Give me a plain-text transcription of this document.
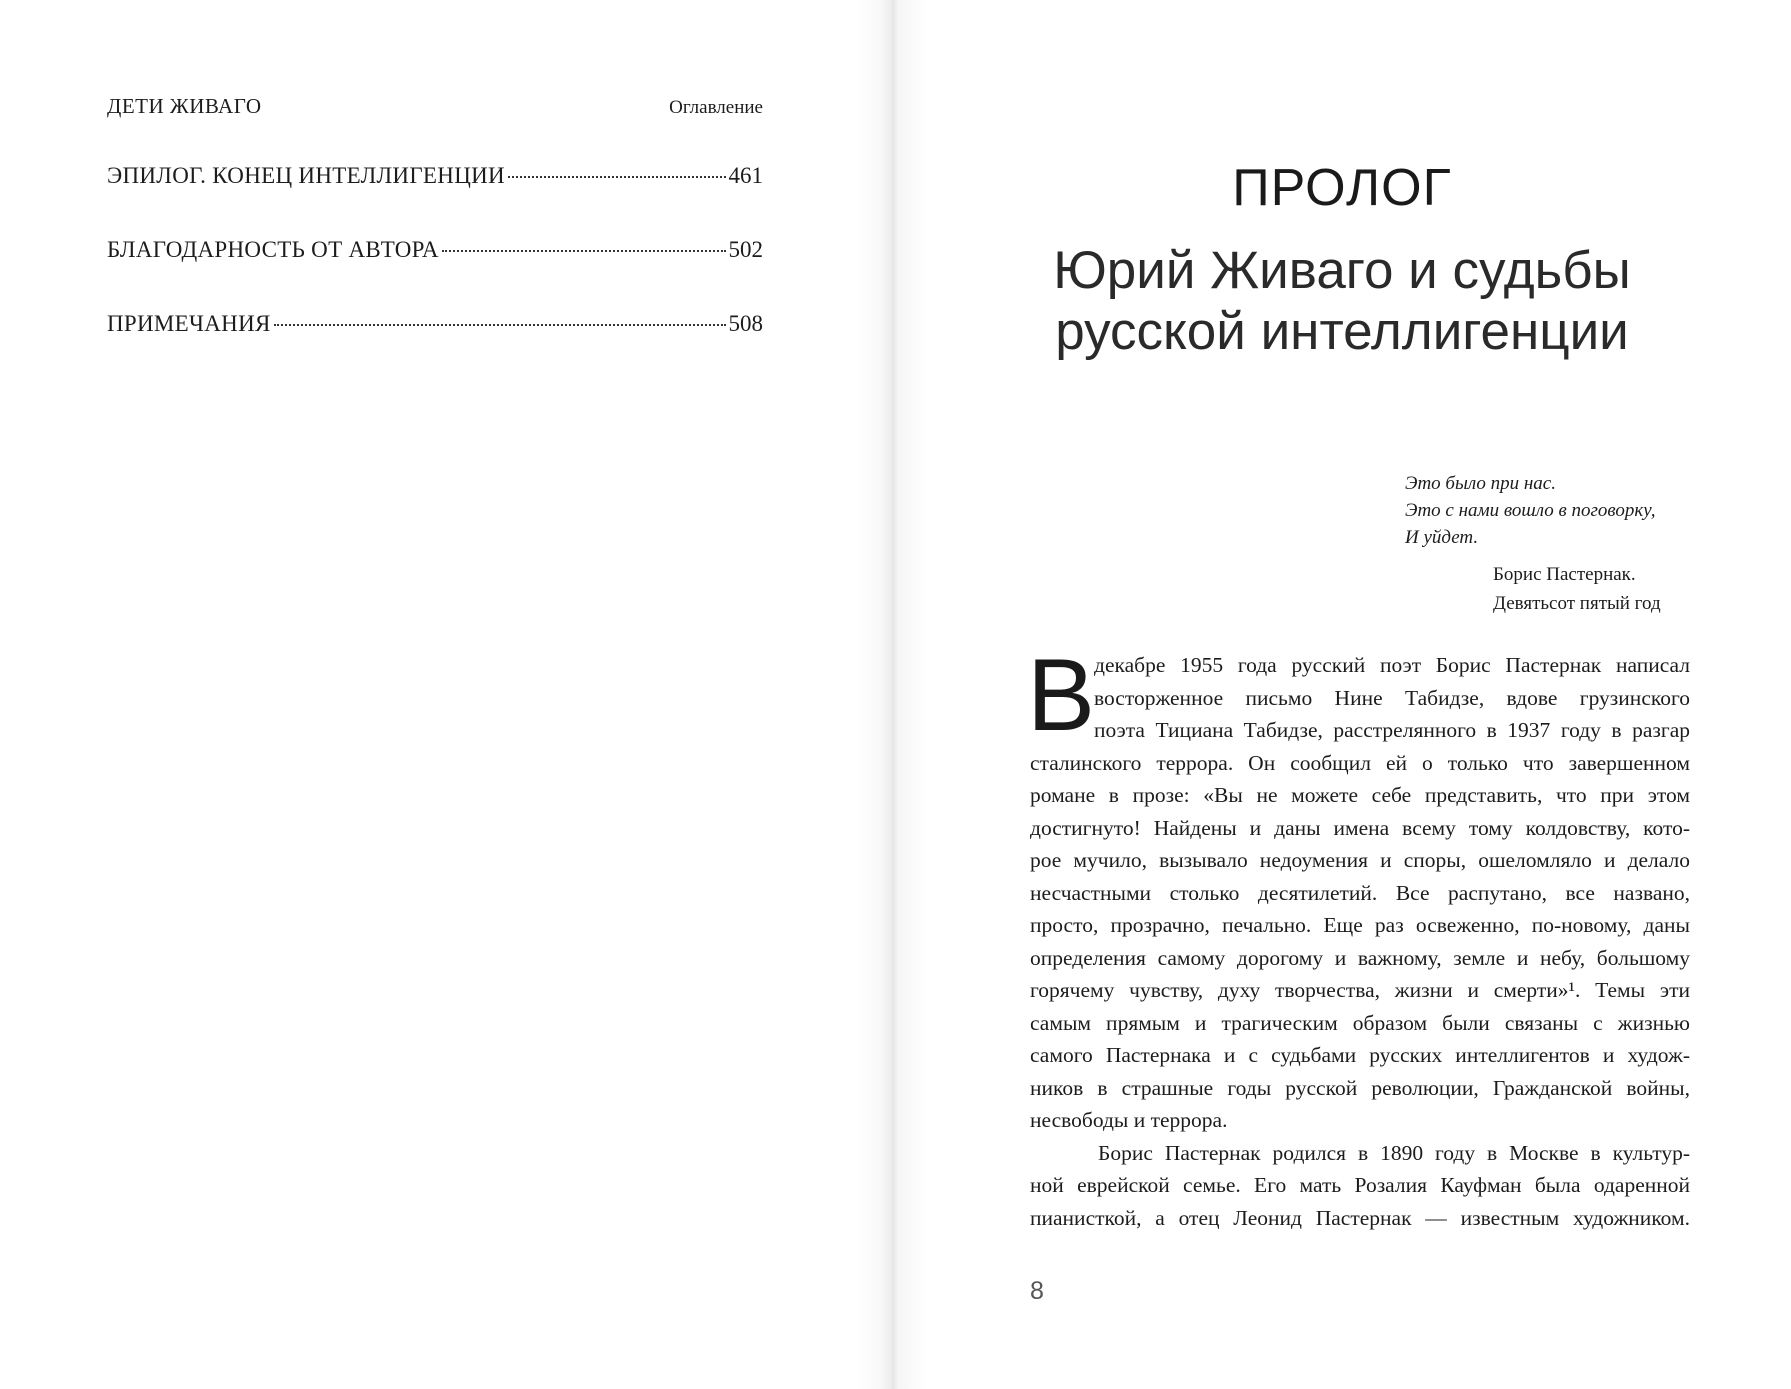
ДЕТИ ЖИВАГО	Оглавление
ЭПИЛОГ. КОНЕЦ ИНТЕЛЛИГЕНЦИИ	461
БЛАГОДАРНОСТЬ ОТ АВТОРА	502
ПРИМЕЧАНИЯ	508
ПРОЛОГ
Юрий Живаго и судьбы
русской интеллигенции
Это было при нас.
Это с нами вошло в поговорку,
И уйдет.
Борис Пастернак.
Девятьсот пятый год
В
декабре 1955 года русский поэт Борис Пастернак написал
восторженное письмо Нине Табидзе, вдове грузинского
поэта Тициана Табидзе, расстрелянного в 1937 году в разгар
сталинского террора. Он сообщил ей о только что завершенном
романе в прозе: «Вы не можете себе представить, что при этом
достигнуто! Найдены и даны имена всему тому колдовству, кото-
рое мучило, вызывало недоумения и споры, ошеломляло и делало
несчастными столько десятилетий. Все распутано, все названо,
просто, прозрачно, печально. Еще раз освеженно, по-новому, даны
определения самому дорогому и важному, земле и небу, большому
горячему чувству, духу творчества, жизни и смерти»¹. Темы эти
самым прямым и трагическим образом были связаны с жизнью
самого Пастернака и с судьбами русских интеллигентов и худож-
ников в страшные годы русской революции, Гражданской войны,
несвободы и террора.
Борис Пастернак родился в 1890 году в Москве в культур-
ной еврейской семье. Его мать Розалия Кауфман была одаренной
пианисткой, а отец Леонид Пастернак — известным художником.
8
